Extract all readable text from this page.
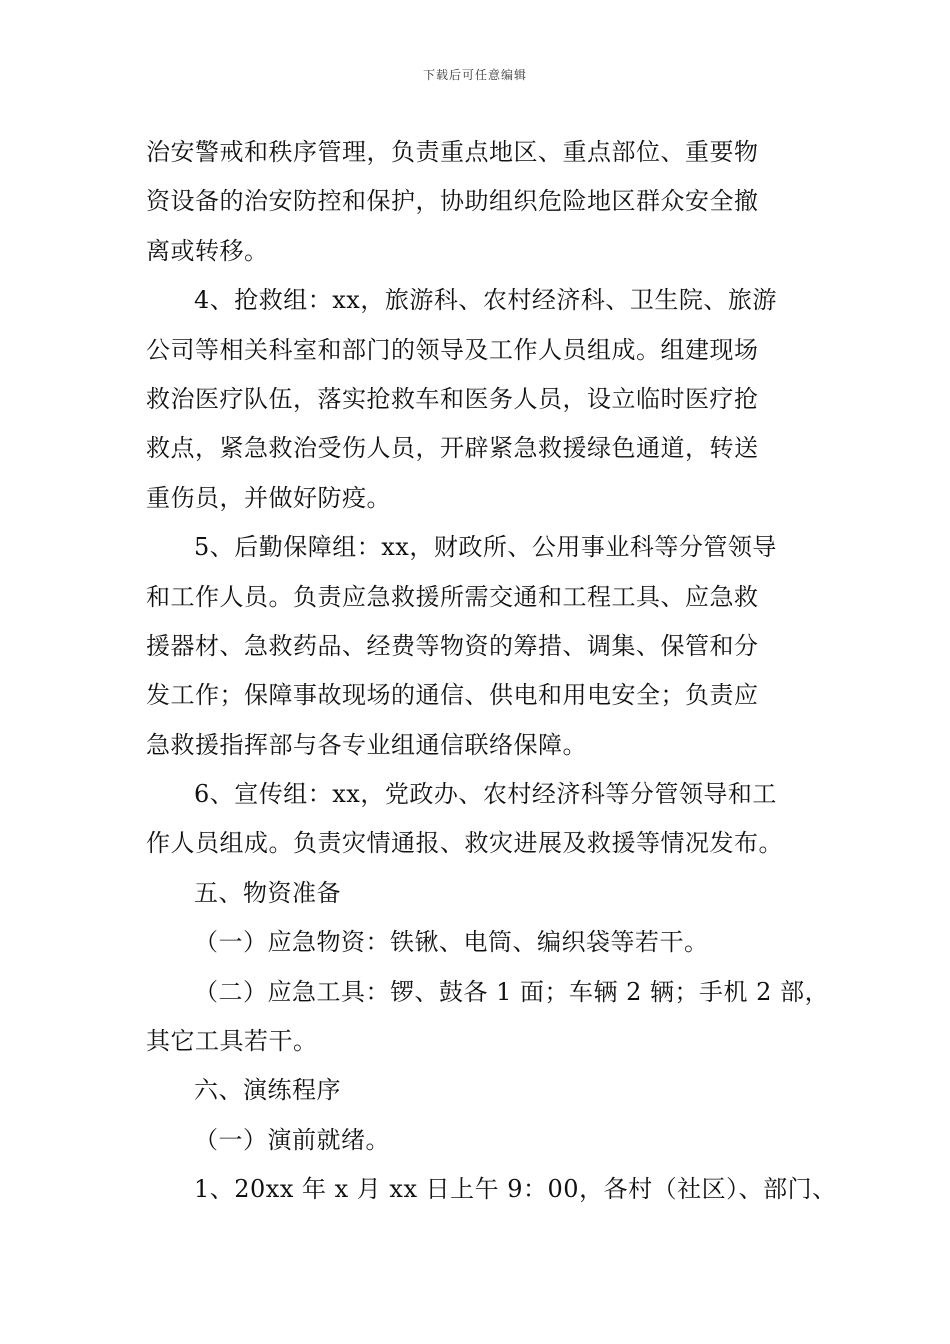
下载后可任意编辑
治安警戒和秩序管理，负责重点地区、重点部位、重要物
资设备的治安防控和保护，协助组织危险地区群众安全撤
离或转移。
4、抢救组：xx，旅游科、农村经济科、卫生院、旅游
公司等相关科室和部门的领导及工作人员组成。组建现场
救治医疗队伍，落实抢救车和医务人员，设立临时医疗抢
救点，紧急救治受伤人员，开辟紧急救援绿色通道，转送
重伤员，并做好防疫。
5、后勤保障组：xx，财政所、公用事业科等分管领导
和工作人员。负责应急救援所需交通和工程工具、应急救
援器材、急救药品、经费等物资的筹措、调集、保管和分
发工作；保障事故现场的通信、供电和用电安全；负责应
急救援指挥部与各专业组通信联络保障。
6、宣传组：xx，党政办、农村经济科等分管领导和工
作人员组成。负责灾情通报、救灾进展及救援等情况发布。
五、物资准备
（一）应急物资：铁锹、电筒、编织袋等若干。
（二）应急工具：锣、鼓各 1 面；车辆 2 辆；手机 2 部，
其它工具若干。
六、演练程序
（一）演前就绪。
1、20xx 年 x 月 xx 日上午 9：00，各村（社区）、部门、
